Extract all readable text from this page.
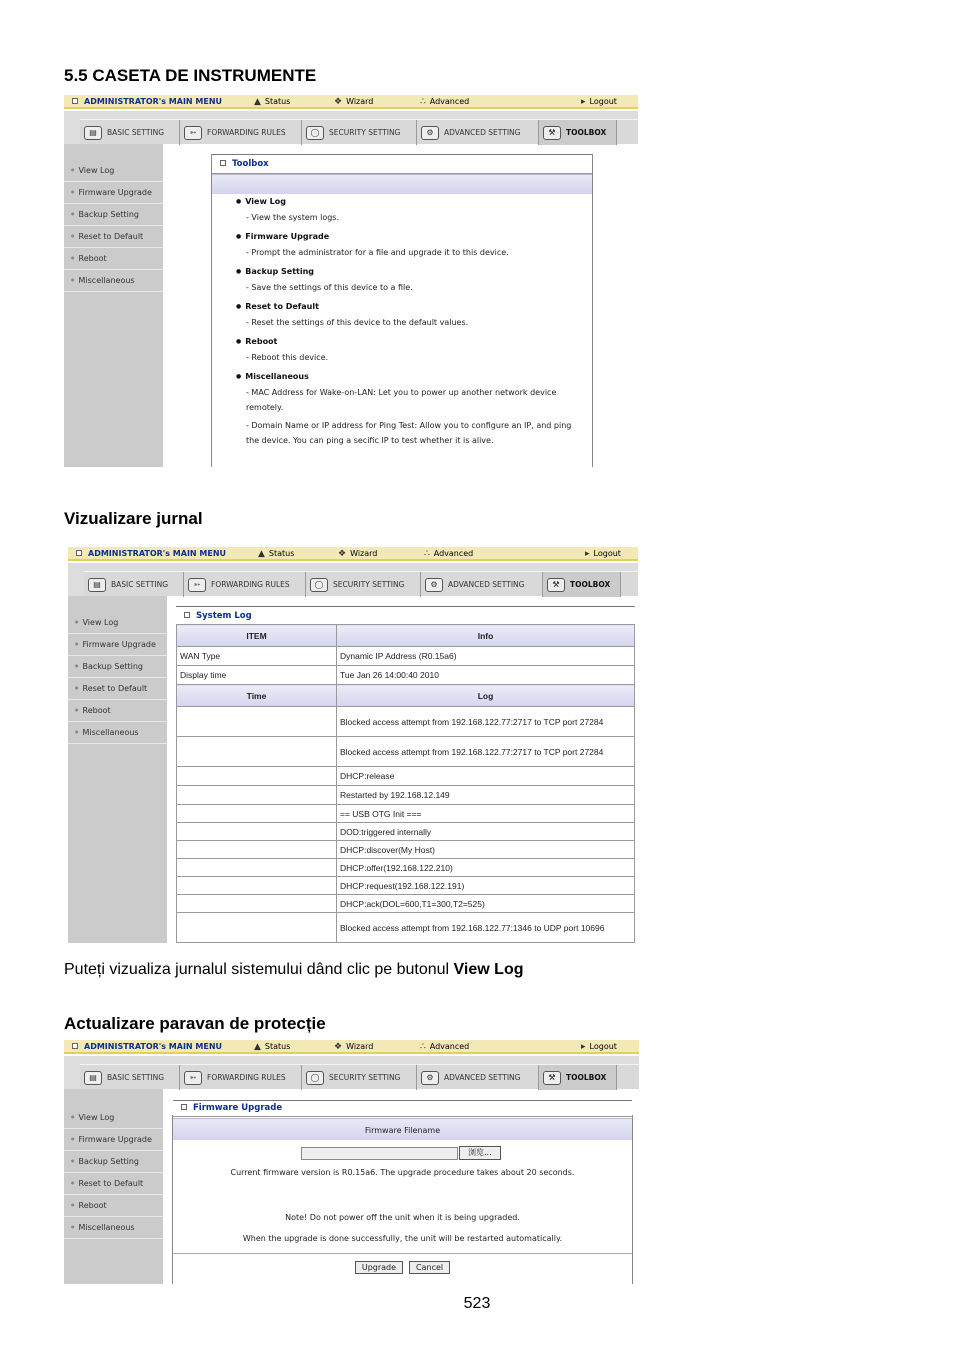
5.5 CASETA DE INSTRUMENTE
ADMINISTRATOR's MAIN MENU	▲ Status	❖ Wizard	∴ Advanced	▸ Logout
▤	BASIC SETTING	➳	FORWARDING RULES	◯	SECURITY SETTING	⚙	ADVANCED SETTING	⚒	TOOLBOX
● View Log
● Firmware Upgrade
● Backup Setting
● Reset to Default
● Reboot
● Miscellaneous
Toolbox
● View Log
- View the system logs.
● Firmware Upgrade
- Prompt the administrator for a file and upgrade it to this device.
● Backup Setting
- Save the settings of this device to a file.
● Reset to Default
- Reset the settings of this device to the default values.
● Reboot
- Reboot this device.
● Miscellaneous
- MAC Address for Wake-on-LAN: Let you to power up another network device remotely.
- Domain Name or IP address for Ping Test: Allow you to configure an IP, and ping the device. You can ping a secific IP to test whether it is alive.
Vizualizare jurnal
ADMINISTRATOR's MAIN MENU	▲ Status	❖ Wizard	∴ Advanced	▸ Logout
▤	BASIC SETTING	➳	FORWARDING RULES	◯	SECURITY SETTING	⚙	ADVANCED SETTING	⚒	TOOLBOX
● View Log
● Firmware Upgrade
● Backup Setting
● Reset to Default
● Reboot
● Miscellaneous
System Log
ITEM	Info
WAN Type	Dynamic IP Address (R0.15a6)
Display time	Tue Jan 26 14:00:40 2010
Time	Log
	Blocked access attempt from 192.168.122.77:2717 to TCP port 27284
	Blocked access attempt from 192.168.122.77:2717 to TCP port 27284
	DHCP:release
	Restarted by 192.168.12.149
	== USB OTG Init ===
	DOD:triggered internally
	DHCP:discover(My Host)
	DHCP:offer(192.168.122.210)
	DHCP:request(192.168.122.191)
	DHCP:ack(DOL=600,T1=300,T2=525)
	Blocked access attempt from 192.168.122.77:1346 to UDP port 10696
Puteți vizualiza jurnalul sistemului dând clic pe butonul View Log
Actualizare paravan de protecție
ADMINISTRATOR's MAIN MENU	▲ Status	❖ Wizard	∴ Advanced	▸ Logout
▤	BASIC SETTING	➳	FORWARDING RULES	◯	SECURITY SETTING	⚙	ADVANCED SETTING	⚒	TOOLBOX
● View Log
● Firmware Upgrade
● Backup Setting
● Reset to Default
● Reboot
● Miscellaneous
Firmware Upgrade
Firmware Filename
浏览...
Current firmware version is R0.15a6. The upgrade procedure takes about 20 seconds.
Note! Do not power off the unit when it is being upgraded.
When the upgrade is done successfully, the unit will be restarted automatically.
Upgrade	Cancel
523
